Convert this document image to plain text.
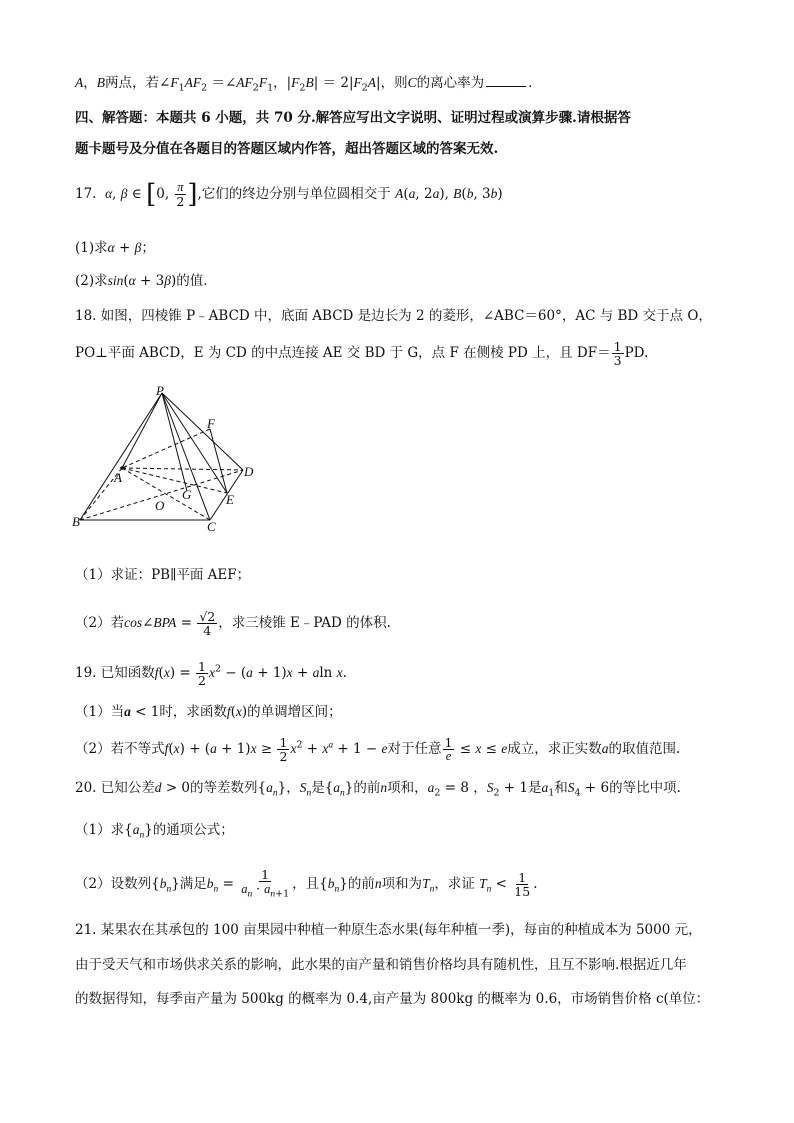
A，B两点，若$\angle F_1AF_2$ $=\angle AF_2F_1$，$|F_2B| = 2|F_2A|$，则C的离心率为	．
四、解答题：本题共 6 小题，共 70 分.解答应写出文字说明、证明过程或演算步骤.请根据答
题卡题号及分值在各题目的答题区域内作答，超出答题区域的答案无效.
17. α, β ∈ [0, $\frac{\pi}{2}$ ],它们的终边分别与单位圆相交于 A(a, 2a), B(b, 3b)
(1)求α + β；
(2)求sin(α + 3β)的值.
18. 如图，四棱锥 P﹣ABCD 中，底面 ABCD 是边长为 2 的菱形，∠ABC＝60°，AC 与 BD 交于点 O，
PO⊥平面 ABCD，E 为 CD 的中点连接 AE 交 BD 于 G，点 F 在侧棱 PD 上，且 $DF= \frac{1}{3}$ PD.
P
F
D
A
G	E
O
B	C
（1）求证：PB∥平面 AEF；
（2）若cos∠BPA = $\frac{√2}{4}$ ，求三棱锥 E﹣PAD 的体积.
19. 已知函数$f(x) = \frac{1}{2} x^2 - (a + 1)x + aln$ x.
（1）当a < 1时，求函数f(x)的单调增区间；
（2）若不等式$f(x) + (a + 1)x \ge \frac{1}{2} x^2 + x^a + 1 - e$对于任意 $\frac{1}{e} \le x \le e$成立，求正实数a的取值范围.
20. 已知公差d > 0的等差数列$\{a_n\}$，$S_n$是$\{a_n\}$的前n项和，$a_2 = 8$ ，$S_2 + 1$是$a_1$和$S_4 + 6$的等比中项.
（1）求$\{a_n\}$的通项公式；
（2）设数列$\{b_n\}$满足$b_n = \frac{1}{a_n \cdot a_{n+1}}$ ，且$\{b_n\}$的前n项和为$T_n$，求证 $T_n < \frac{1}{15}$ .
21. 某果农在其承包的 100 亩果园中种植一种原生态水果(每年种植一季)，每亩的种植成本为 5000 元，
由于受天气和市场供求关系的影响，此水果的亩产量和销售价格均具有随机性，且互不影响.根据近几年
的数据得知，每季亩产量为 500kg 的概率为 0.4,亩产量为 800kg 的概率为 0.6，市场销售价格 c(单位：
